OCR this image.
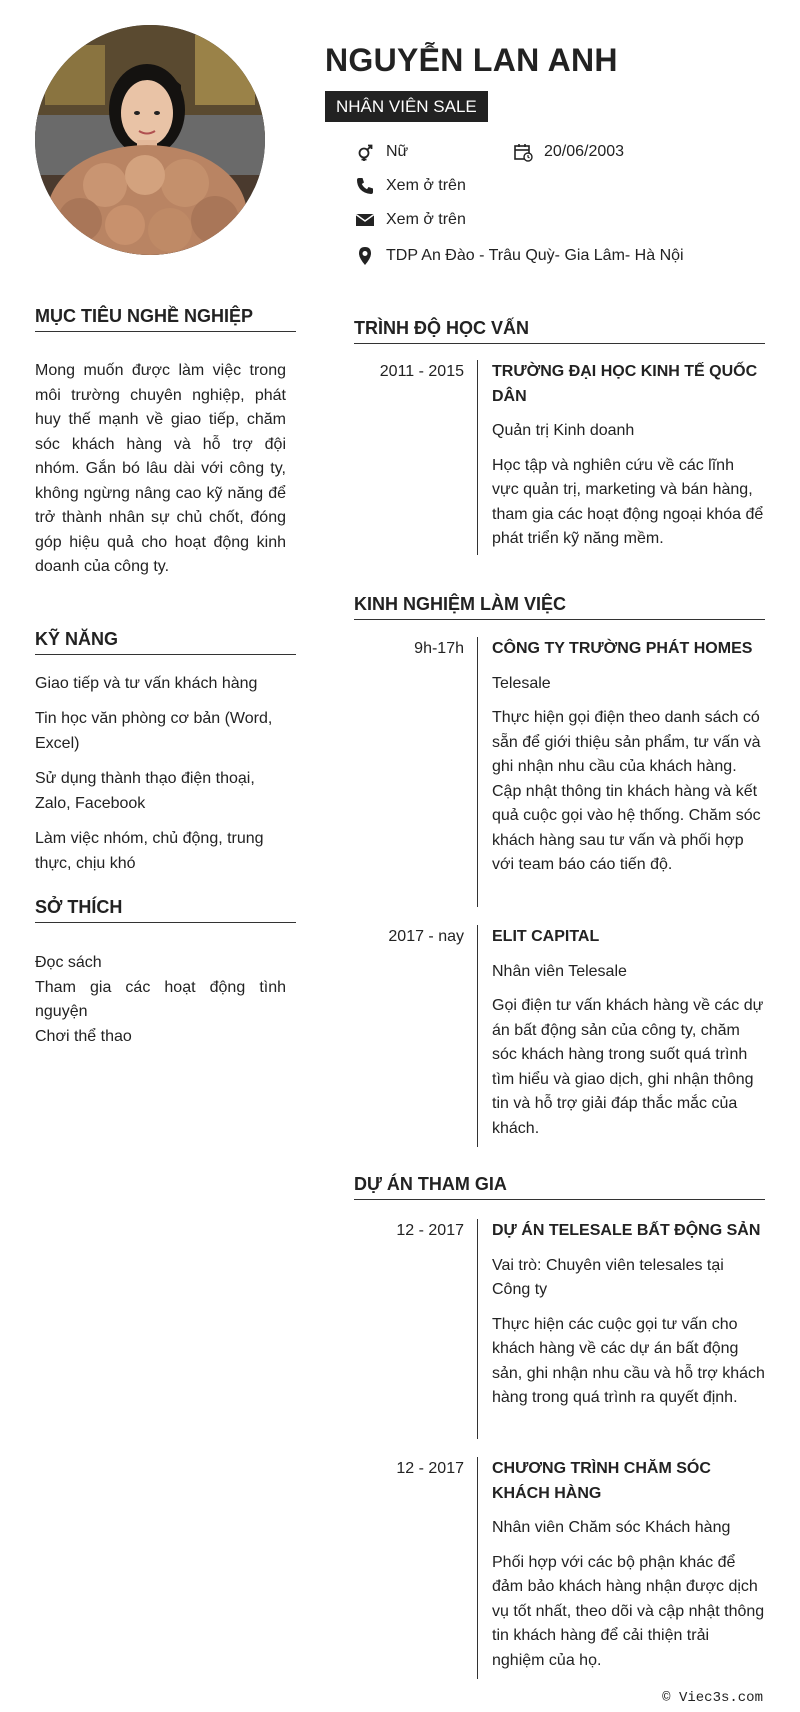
NGUYỄN LAN ANH
NHÂN VIÊN SALE
Nữ	20/06/2003
Xem ở trên
Xem ở trên
TDP An Đào - Trâu Quỳ- Gia Lâm- Hà Nội
MỤC TIÊU NGHỀ NGHIỆP
Mong muốn được làm việc trong môi trường chuyên nghiệp, phát huy thế mạnh về giao tiếp, chăm sóc khách hàng và hỗ trợ đội nhóm. Gắn bó lâu dài với công ty, không ngừng nâng cao kỹ năng để trở thành nhân sự chủ chốt, đóng góp hiệu quả cho hoạt động kinh doanh của công ty.
KỸ NĂNG
Giao tiếp và tư vấn khách hàng
Tin học văn phòng cơ bản (Word, Excel)
Sử dụng thành thạo điện thoại, Zalo, Facebook
Làm việc nhóm, chủ động, trung thực, chịu khó
SỞ THÍCH
Đọc sách
Tham gia các hoạt động tình nguyện
Chơi thể thao
TRÌNH ĐỘ HỌC VẤN
2011 - 2015 TRƯỜNG ĐẠI HỌC KINH TẾ QUỐC DÂN
Quản trị Kinh doanh
Học tập và nghiên cứu về các lĩnh vực quản trị, marketing và bán hàng, tham gia các hoạt động ngoại khóa để phát triển kỹ năng mềm.
KINH NGHIỆM LÀM VIỆC
9h-17h CÔNG TY TRƯỜNG PHÁT HOMES
Telesale
Thực hiện gọi điện theo danh sách có sẵn để giới thiệu sản phẩm, tư vấn và ghi nhận nhu cầu của khách hàng. Cập nhật thông tin khách hàng và kết quả cuộc gọi vào hệ thống. Chăm sóc khách hàng sau tư vấn và phối hợp với team báo cáo tiến độ.
2017 - nay ELIT CAPITAL
Nhân viên Telesale
Gọi điện tư vấn khách hàng về các dự án bất động sản của công ty, chăm sóc khách hàng trong suốt quá trình tìm hiểu và giao dịch, ghi nhận thông tin và hỗ trợ giải đáp thắc mắc của khách.
DỰ ÁN THAM GIA
12 - 2017 DỰ ÁN TELESALE BẤT ĐỘNG SẢN
Vai trò: Chuyên viên telesales tại Công ty
Thực hiện các cuộc gọi tư vấn cho khách hàng về các dự án bất động sản, ghi nhận nhu cầu và hỗ trợ khách hàng trong quá trình ra quyết định.
12 - 2017 CHƯƠNG TRÌNH CHĂM SÓC KHÁCH HÀNG
Nhân viên Chăm sóc Khách hàng
Phối hợp với các bộ phận khác để đảm bảo khách hàng nhận được dịch vụ tốt nhất, theo dõi và cập nhật thông tin khách hàng để cải thiện trải nghiệm của họ.
© Viec3s.com
